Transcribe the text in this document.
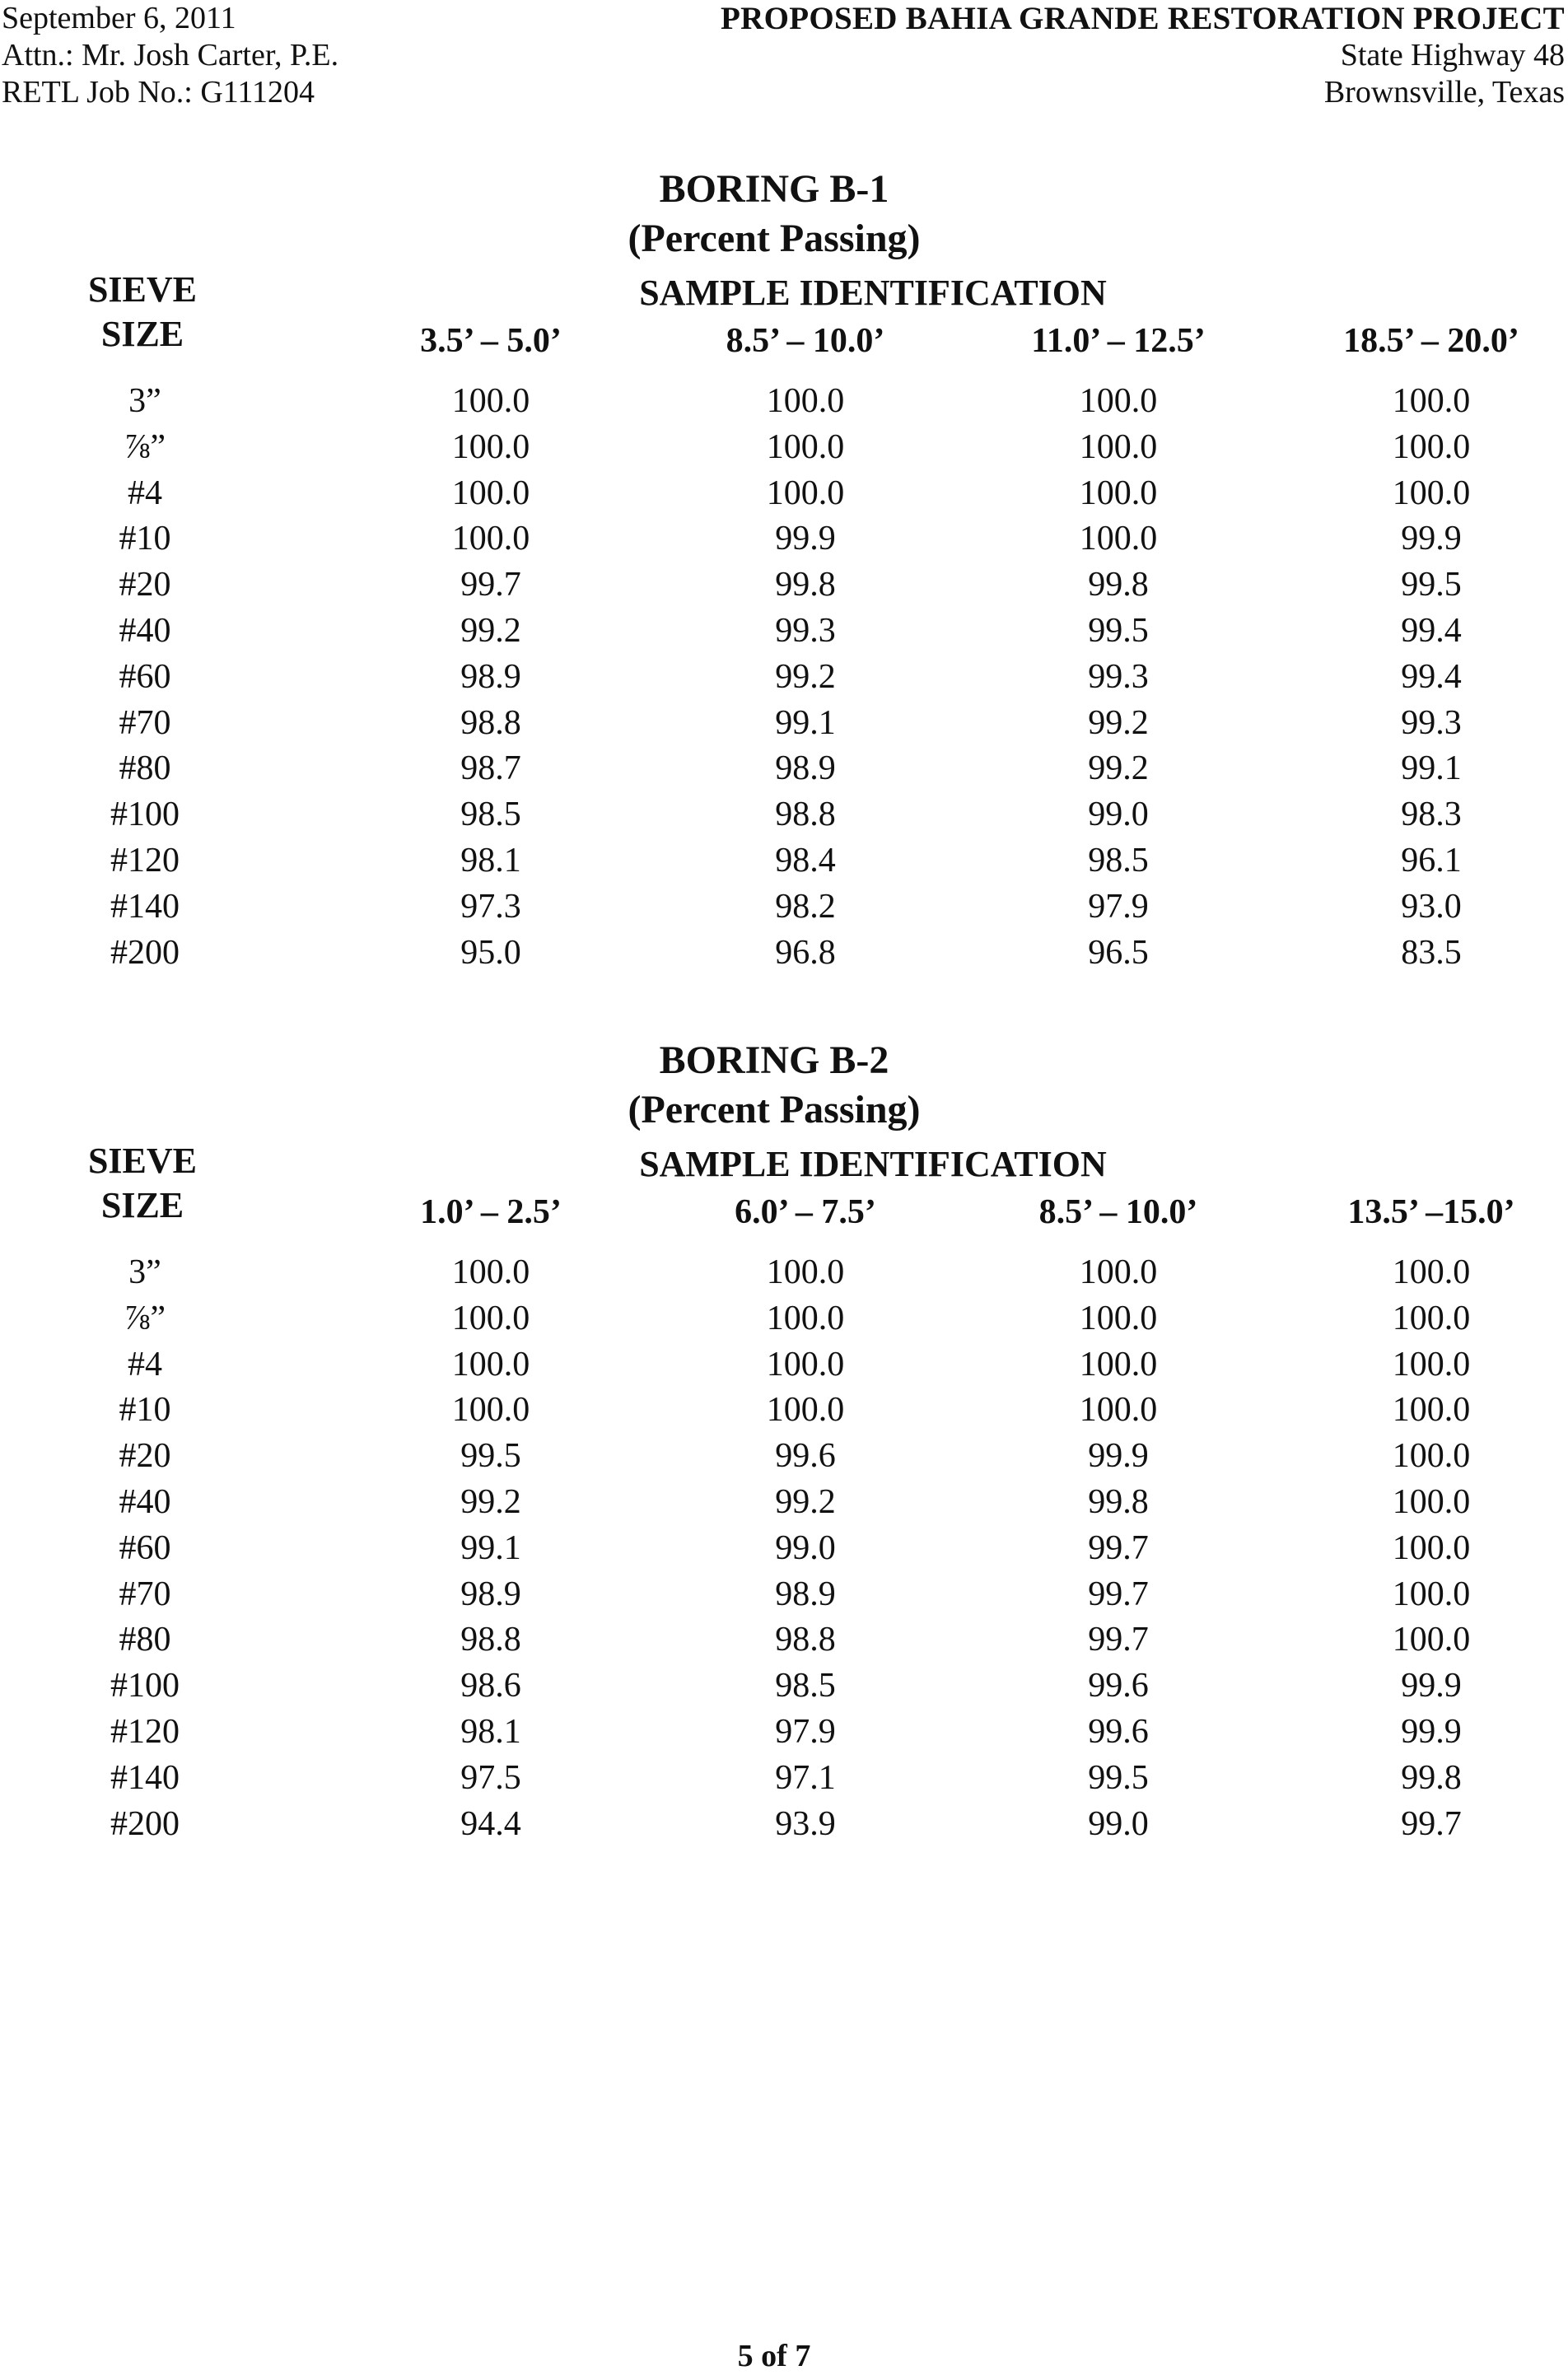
September 6, 2011
Attn.: Mr. Josh Carter, P.E.
RETL Job No.: G111204
PROPOSED BAHIA GRANDE RESTORATION PROJECT
State Highway 48
Brownsville, Texas
BORING B-1
(Percent Passing)
SIEVE
SIZE
SAMPLE IDENTIFICATION
3.5’ – 5.0’	8.5’ – 10.0’	11.0’ – 12.5’	18.5’ – 20.0’
3”	100.0	100.0	100.0	100.0
⅞”	100.0	100.0	100.0	100.0
#4	100.0	100.0	100.0	100.0
#10	100.0	99.9	100.0	99.9
#20	99.7	99.8	99.8	99.5
#40	99.2	99.3	99.5	99.4
#60	98.9	99.2	99.3	99.4
#70	98.8	99.1	99.2	99.3
#80	98.7	98.9	99.2	99.1
#100	98.5	98.8	99.0	98.3
#120	98.1	98.4	98.5	96.1
#140	97.3	98.2	97.9	93.0
#200	95.0	96.8	96.5	83.5
BORING B-2
(Percent Passing)
SIEVE
SIZE
SAMPLE IDENTIFICATION
1.0’ – 2.5’	6.0’ – 7.5’	8.5’ – 10.0’	13.5’ –15.0’
3”	100.0	100.0	100.0	100.0
⅞”	100.0	100.0	100.0	100.0
#4	100.0	100.0	100.0	100.0
#10	100.0	100.0	100.0	100.0
#20	99.5	99.6	99.9	100.0
#40	99.2	99.2	99.8	100.0
#60	99.1	99.0	99.7	100.0
#70	98.9	98.9	99.7	100.0
#80	98.8	98.8	99.7	100.0
#100	98.6	98.5	99.6	99.9
#120	98.1	97.9	99.6	99.9
#140	97.5	97.1	99.5	99.8
#200	94.4	93.9	99.0	99.7
5 of 7
